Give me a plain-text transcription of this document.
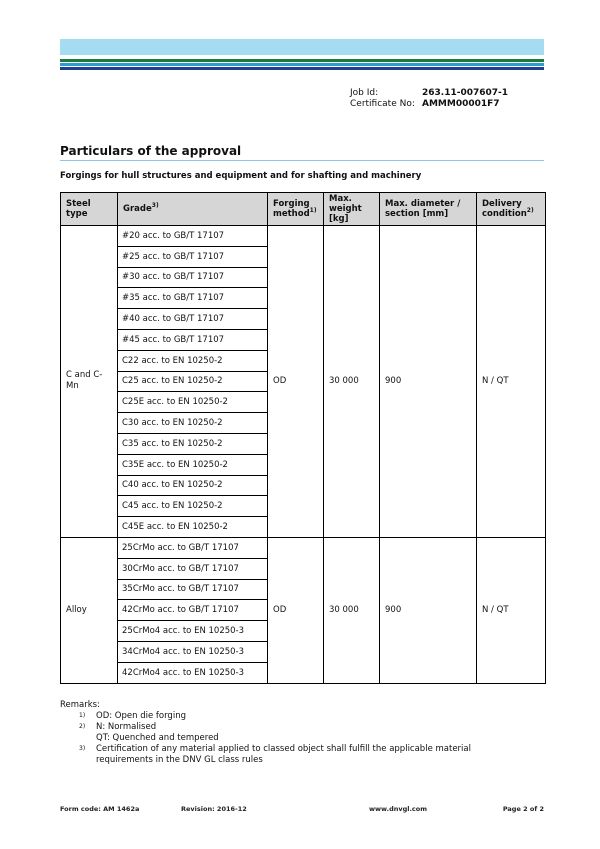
Job Id:	263.11-007607-1
Certificate No: AMMM00001F7
Particulars of the approval
Forgings for hull structures and equipment and for shafting and machinery
Steel type	Grade$^{3)}$	Forging method$^{1)}$	Max. weight [kg]	Max. diameter / section [mm]	Delivery condition$^{2)}$
C and C-Mn	#20 acc. to GB/T 17107	OD	30 000	900	N / QT
	#25 acc. to GB/T 17107				
	#30 acc. to GB/T 17107				
	#35 acc. to GB/T 17107				
	#40 acc. to GB/T 17107				
	#45 acc. to GB/T 17107				
	C22 acc. to EN 10250-2				
	C25 acc. to EN 10250-2				
	C25E acc. to EN 10250-2				
	C30 acc. to EN 10250-2				
	C35 acc. to EN 10250-2				
	C35E acc. to EN 10250-2				
	C40 acc. to EN 10250-2				
	C45 acc. to EN 10250-2				
	C45E acc. to EN 10250-2				
Alloy	25CrMo acc. to GB/T 17107	OD	30 000	900	N / QT
	30CrMo acc. to GB/T 17107				
	35CrMo acc. to GB/T 17107				
	42CrMo acc. to GB/T 17107				
	25CrMo4 acc. to EN 10250-3				
	34CrMo4 acc. to EN 10250-3				
	42CrMo4 acc. to EN 10250-3				
Remarks:
1)	OD: Open die forging
2)	N: Normalised
QT: Quenched and tempered
3)	Certification of any material applied to classed object shall fulfill the applicable material requirements in the DNV GL class rules
Form code: AM 1462a	Revision: 2016-12	www.dnvgl.com	Page 2 of 2
